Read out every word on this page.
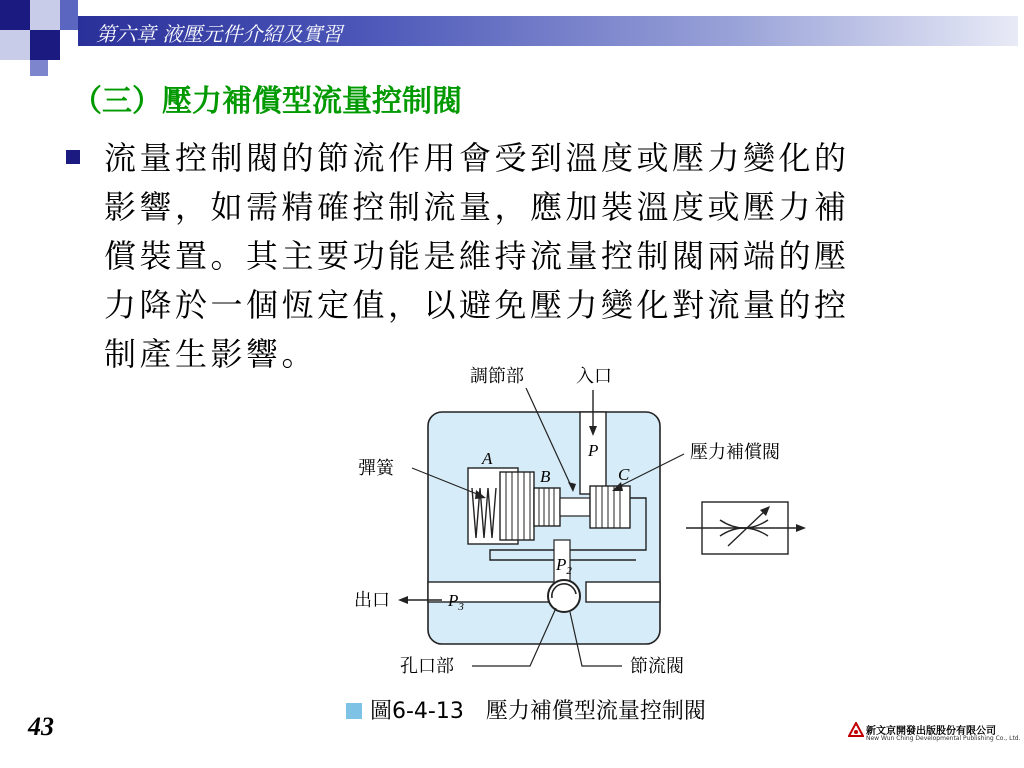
第六章 液壓元件介紹及實習
（三）壓力補償型流量控制閥
流量控制閥的節流作用會受到溫度或壓力變化的
影響，如需精確控制流量，應加裝溫度或壓力補
償裝置。其主要功能是維持流量控制閥兩端的壓
力降於一個恆定值，以避免壓力變化對流量的控
制產生影響。
調節部	入口
彈簧
壓力補償閥
出口
孔口部	節流閥
A
B	C
P
$P_2$
$P_3$
圖6-4-13　壓力補償型流量控制閥
43	新文京開發出版股份有限公司
New Wun Ching Developmental Publishing Co., Ltd.
